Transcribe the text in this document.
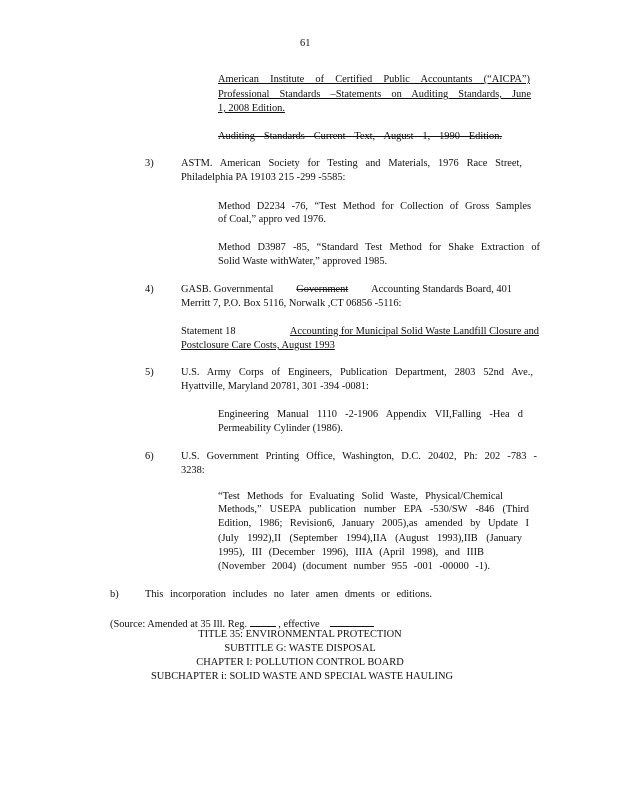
61
American Institute of Certified Public Accountants (“AICPA”)
Professional Standards –Statements on Auditing Standards, June
1, 2008 Edition.
Auditing Standards Current Text, August 1, 1990 Edition.
3)	ASTM. American Society for Testing and Materials, 1976 Race Street,
Philadelphia PA 19103 215 -299 -5585:
Method D2234 -76, “Test Method for Collection of Gross Samples
of Coal,” appro ved 1976.
Method D3987 -85, “Standard Test Method for Shake Extraction of
Solid Waste withWater,” approved 1985.
4)	GASB. Governmental Government Accounting Standards Board, 401
Merritt 7, P.O. Box 5116, Norwalk ,CT 06856 -5116:
Statement 18	Accounting for Municipal Solid Waste Landfill Closure and
Postclosure Care Costs, August 1993
5)	U.S. Army Corps of Engineers, Publication Department, 2803 52nd Ave.,
Hyattville, Maryland 20781, 301 -394 -0081:
Engineering Manual 1110 -2-1906 Appendix VII,Falling -Hea d
Permeability Cylinder (1986).
6)	U.S. Government Printing Office, Washington, D.C. 20402, Ph: 202 -783 -
3238:
“Test Methods for Evaluating Solid Waste, Physical/Chemical
Methods,” USEPA publication number EPA -530/SW -846 (Third
Edition, 1986; Revision6, January 2005),as amended by Update I
(July 1992),II (September 1994),IIA (August 1993),IIB (January
1995), III (December 1996), IIIA (April 1998), and IIIB
(November 2004) (document number 955 -001 -00000 -1).
b)	This incorporation includes no later amen dments or editions.
(Source: Amended at 35 Ill. Reg.	, effective
TITLE 35: ENVIRONMENTAL PROTECTION
SUBTITLE G: WASTE DISPOSAL
CHAPTER I: POLLUTION CONTROL BOARD
SUBCHAPTER i: SOLID WASTE AND SPECIAL WASTE HAULING
